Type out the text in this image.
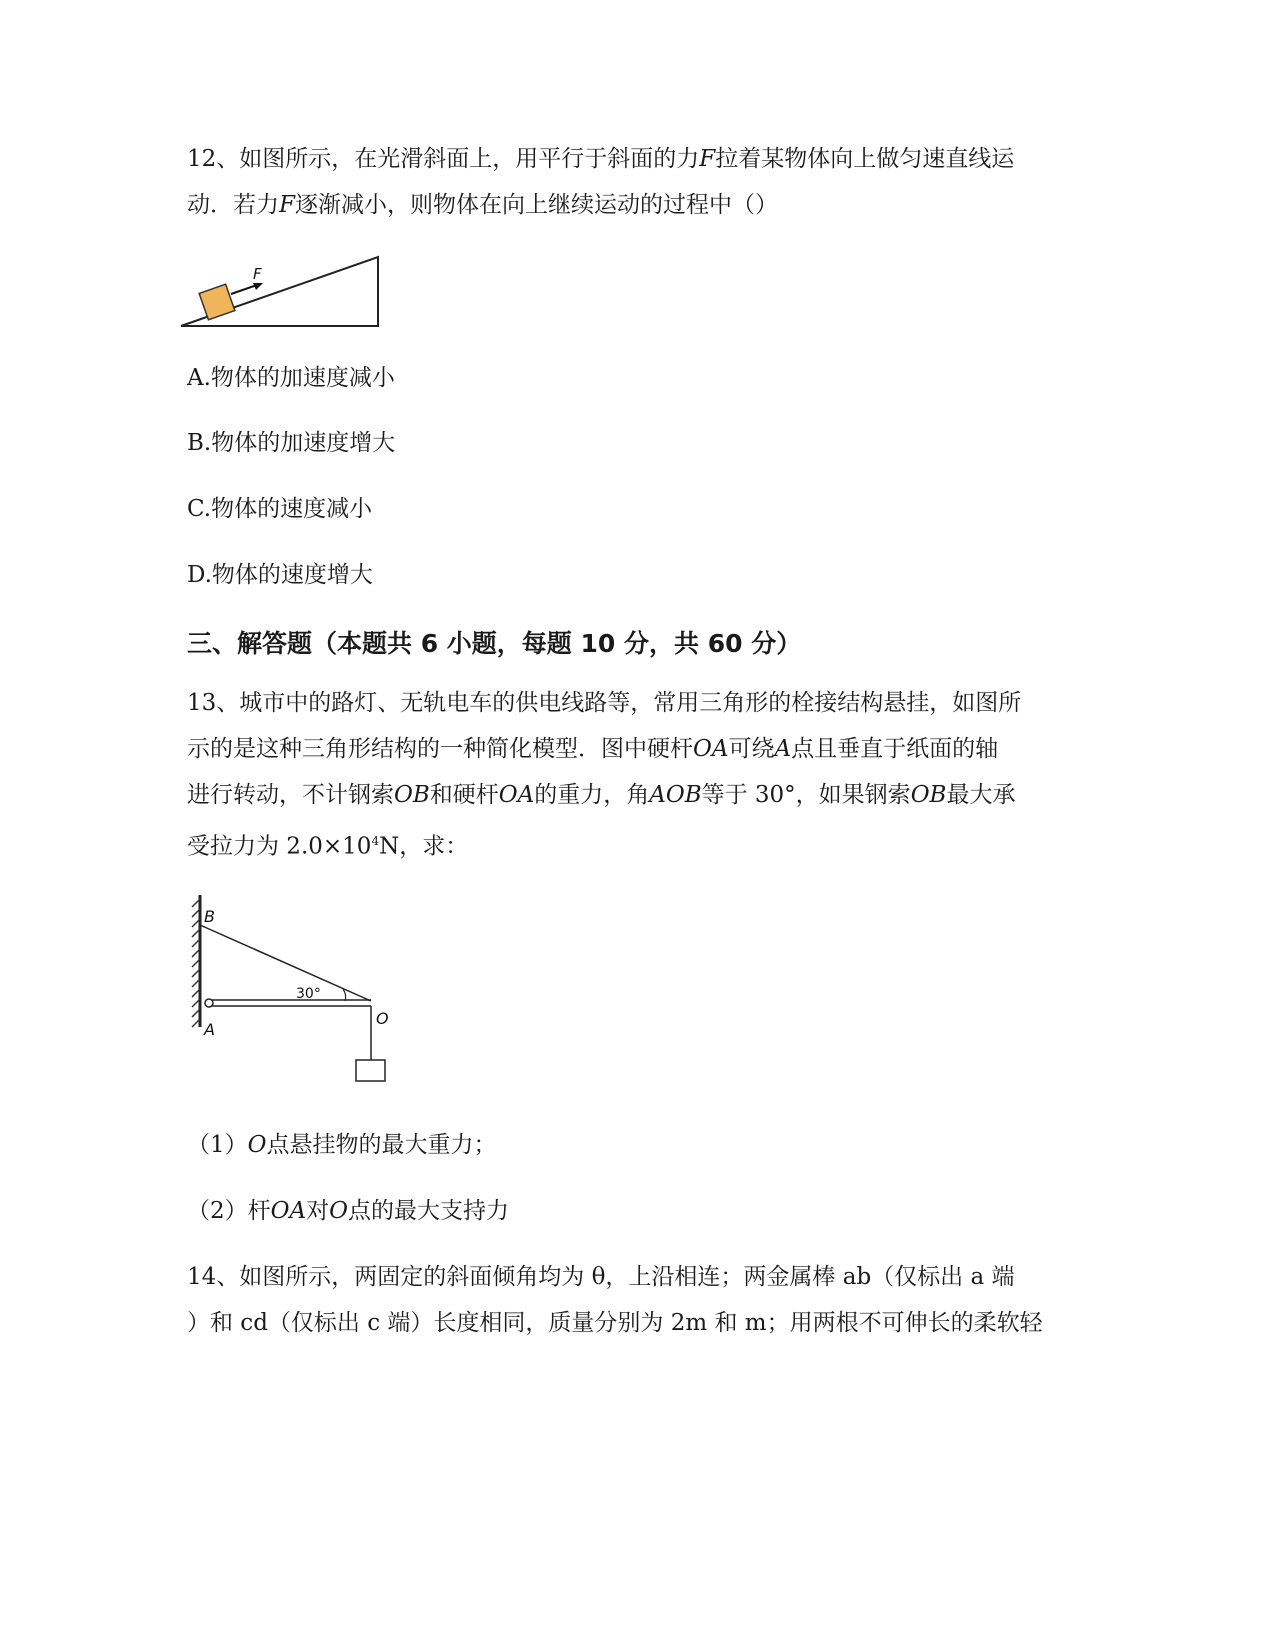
12、如图所示，在光滑斜面上，用平行于斜面的力F拉着某物体向上做匀速直线运
动．若力F逐渐减小，则物体在向上继续运动的过程中（）
F
A.物体的加速度减小
B.物体的加速度增大
C.物体的速度减小
D.物体的速度增大
三、解答题（本题共 6 小题，每题 10 分，共 60 分）
13、城市中的路灯、无轨电车的供电线路等，常用三角形的栓接结构悬挂，如图所
示的是这种三角形结构的一种简化模型．图中硬杆OA可绕A点且垂直于纸面的轴
进行转动，不计钢索OB和硬杆OA的重力，角AOB等于 30°，如果钢索OB最大承
受拉力为 $2.0\times 10^4N$，求：
30°
B
A
O
（1）O点悬挂物的最大重力；
（2）杆OA对O点的最大支持力
14、如图所示，两固定的斜面倾角均为 θ，上沿相连；两金属棒 ab（仅标出 a 端
）和 cd（仅标出 c 端）长度相同，质量分别为 2m 和 m；用两根不可伸长的柔软轻
